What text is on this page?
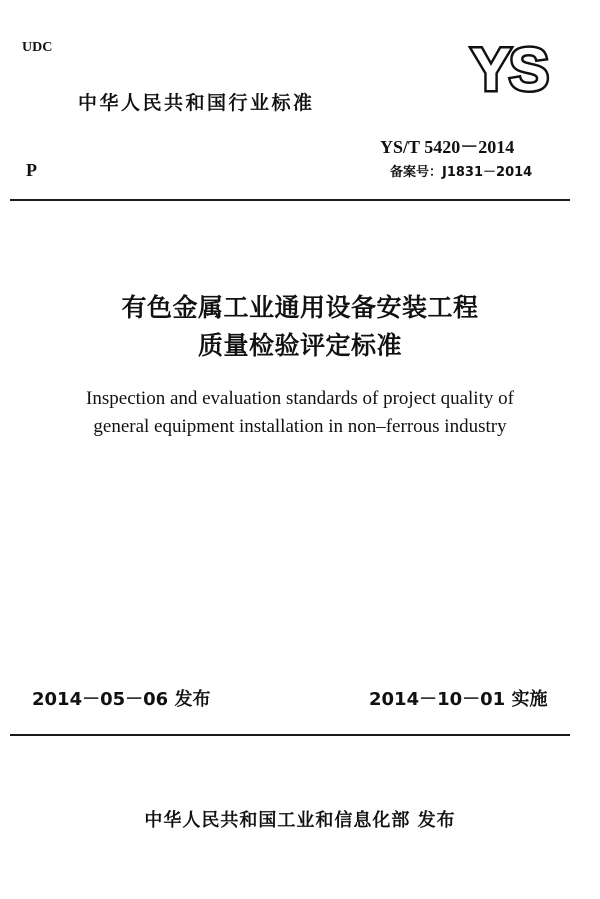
UDC	YS
中华人民共和国行业标准
YS/T 5420－2014
备案号：J1831－2014
P
有色金属工业通用设备安装工程
质量检验评定标准
Inspection and evaluation standards of project quality of
general equipment installation in non–ferrous industry
2014－05－06 发布	2014－10－01 实施
中华人民共和国工业和信息化部 发布
